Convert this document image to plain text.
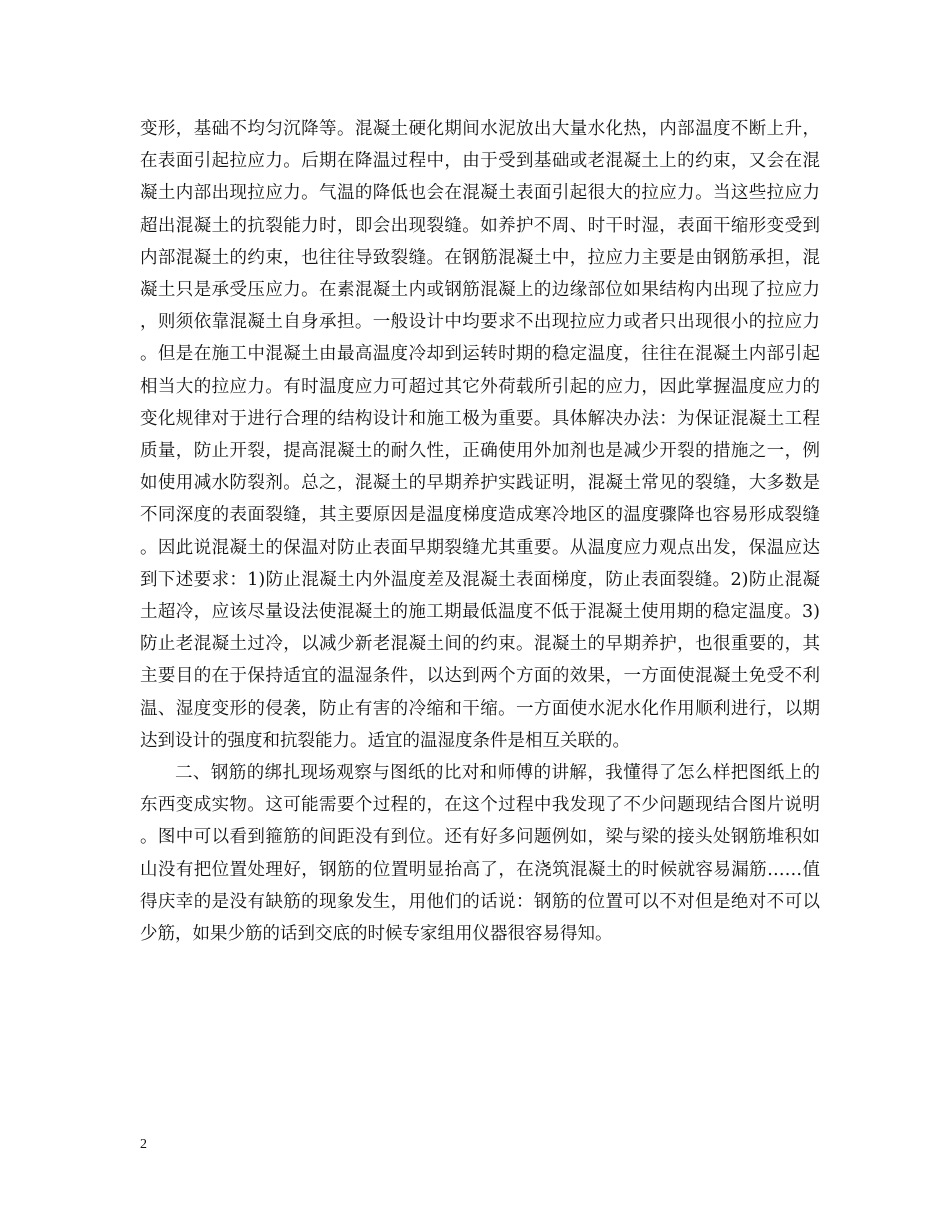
变形，基础不均匀沉降等。混凝土硬化期间水泥放出大量水化热，内部温度不断上升，在表面引起拉应力。后期在降温过程中，由于受到基础或老混凝土上的约束，又会在混凝土内部出现拉应力。气温的降低也会在混凝土表面引起很大的拉应力。当这些拉应力超出混凝土的抗裂能力时，即会出现裂缝。如养护不周、时干时湿，表面干缩形变受到内部混凝土的约束，也往往导致裂缝。在钢筋混凝土中，拉应力主要是由钢筋承担，混凝土只是承受压应力。在素混凝土内或钢筋混凝上的边缘部位如果结构内出现了拉应力，则须依靠混凝土自身承担。一般设计中均要求不出现拉应力或者只出现很小的拉应力。但是在施工中混凝土由最高温度冷却到运转时期的稳定温度，往往在混凝土内部引起相当大的拉应力。有时温度应力可超过其它外荷载所引起的应力，因此掌握温度应力的变化规律对于进行合理的结构设计和施工极为重要。具体解决办法：为保证混凝土工程质量，防止开裂，提高混凝土的耐久性，正确使用外加剂也是减少开裂的措施之一，例如使用减水防裂剂。总之，混凝土的早期养护实践证明，混凝土常见的裂缝，大多数是不同深度的表面裂缝，其主要原因是温度梯度造成寒冷地区的温度骤降也容易形成裂缝。因此说混凝土的保温对防止表面早期裂缝尤其重要。从温度应力观点出发，保温应达到下述要求：1)防止混凝土内外温度差及混凝土表面梯度，防止表面裂缝。2)防止混凝土超冷，应该尽量设法使混凝土的施工期最低温度不低于混凝土使用期的稳定温度。3)防止老混凝土过冷，以减少新老混凝土间的约束。混凝土的早期养护，也很重要的，其主要目的在于保持适宜的温湿条件，以达到两个方面的效果，一方面使混凝土免受不利温、湿度变形的侵袭，防止有害的冷缩和干缩。一方面使水泥水化作用顺利进行，以期达到设计的强度和抗裂能力。适宜的温湿度条件是相互关联的。

二、钢筋的绑扎现场观察与图纸的比对和师傅的讲解，我懂得了怎么样把图纸上的东西变成实物。这可能需要个过程的，在这个过程中我发现了不少问题现结合图片说明。图中可以看到箍筋的间距没有到位。还有好多问题例如，梁与梁的接头处钢筋堆积如山没有把位置处理好，钢筋的位置明显抬高了，在浇筑混凝土的时候就容易漏筋……值得庆幸的是没有缺筋的现象发生，用他们的话说：钢筋的位置可以不对但是绝对不可以少筋，如果少筋的话到交底的时候专家组用仪器很容易得知。

2
